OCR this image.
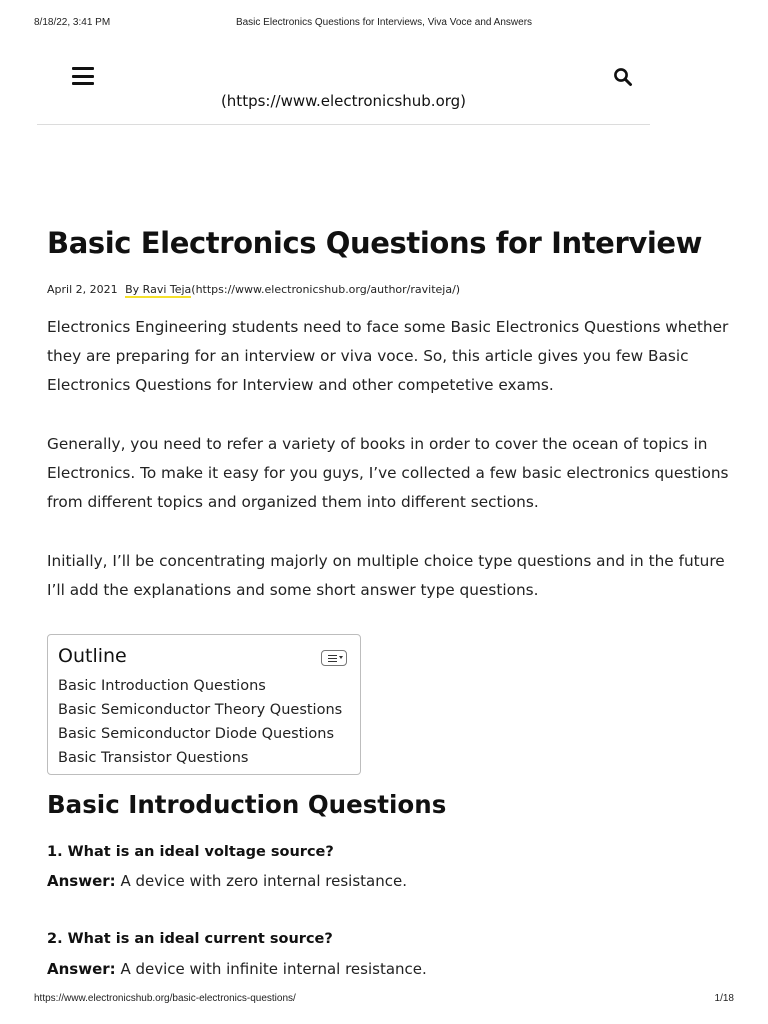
8/18/22, 3:41 PM	Basic Electronics Questions for Interviews, Viva Voce and Answers
(https://www.electronicshub.org)
Basic Electronics Questions for Interview
April 2, 2021 By Ravi Teja(https://www.electronicshub.org/author/raviteja/)

Electronics Engineering students need to face some Basic Electronics Questions whether they are preparing for an interview or viva voce. So, this article gives you few Basic Electronics Questions for Interview and other competetive exams.

Generally, you need to refer a variety of books in order to cover the ocean of topics in Electronics. To make it easy for you guys, I’ve collected a few basic electronics questions from different topics and organized them into different sections.

Initially, I’ll be concentrating majorly on multiple choice type questions and in the future I’ll add the explanations and some short answer type questions.

Outline
Basic Introduction Questions
Basic Semiconductor Theory Questions
Basic Semiconductor Diode Questions
Basic Transistor Questions
Basic Introduction Questions

1. What is an ideal voltage source?

Answer: A device with zero internal resistance.

2. What is an ideal current source?

Answer: A device with infinite internal resistance.

https://www.electronicshub.org/basic-electronics-questions/	1/18
